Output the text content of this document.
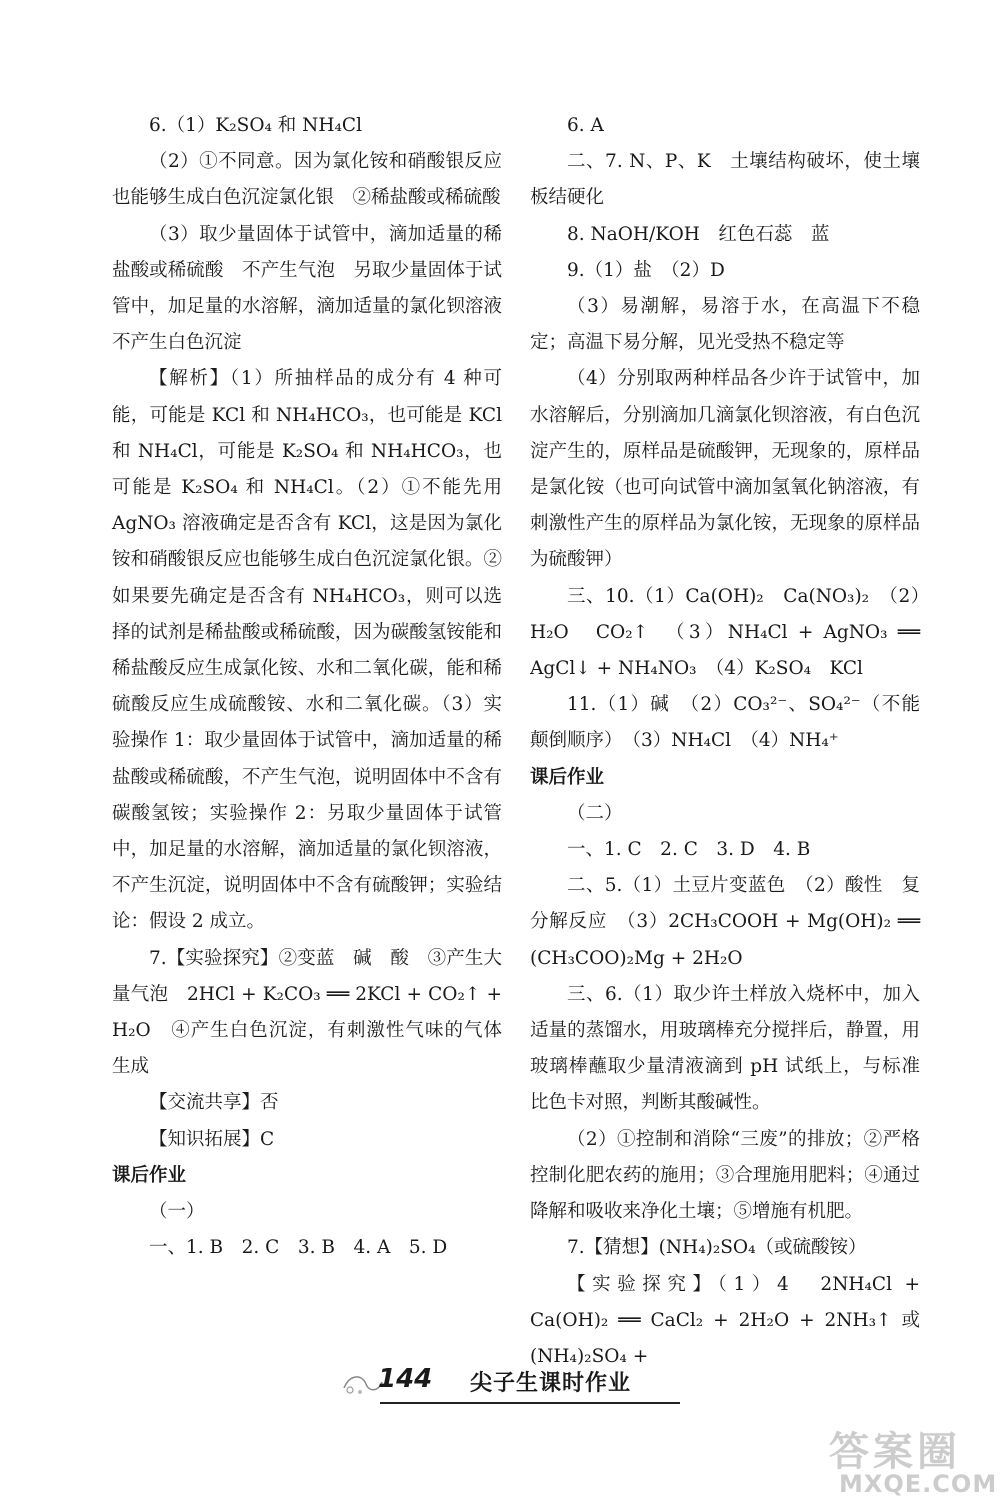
6.（1）K₂SO₄ 和 NH₄Cl

（2）①不同意。因为氯化铵和硝酸银反应也能够生成白色沉淀氯化银　②稀盐酸或稀硫酸

（3）取少量固体于试管中，滴加适量的稀盐酸或稀硫酸　不产生气泡　另取少量固体于试管中，加足量的水溶解，滴加适量的氯化钡溶液　不产生白色沉淀

【解析】（1）所抽样品的成分有 4 种可能，可能是 KCl 和 NH₄HCO₃，也可能是 KCl 和 NH₄Cl，可能是 K₂SO₄ 和 NH₄HCO₃，也可能是 K₂SO₄ 和 NH₄Cl。（2）①不能先用 AgNO₃ 溶液确定是否含有 KCl，这是因为氯化铵和硝酸银反应也能够生成白色沉淀氯化银。②如果要先确定是否含有 NH₄HCO₃，则可以选择的试剂是稀盐酸或稀硫酸，因为碳酸氢铵能和稀盐酸反应生成氯化铵、水和二氧化碳，能和稀硫酸反应生成硫酸铵、水和二氧化碳。（3）实验操作 1：取少量固体于试管中，滴加适量的稀盐酸或稀硫酸，不产生气泡，说明固体中不含有碳酸氢铵；实验操作 2：另取少量固体于试管中，加足量的水溶解，滴加适量的氯化钡溶液，不产生沉淀，说明固体中不含有硫酸钾；实验结论：假设 2 成立。

7.【实验探究】②变蓝　碱　酸　③产生大量气泡　2HCl + K₂CO₃ ══ 2KCl + CO₂↑ + H₂O　④产生白色沉淀，有刺激性气味的气体生成

【交流共享】否

【知识拓展】C

课后作业

（一）

一、1. B　2. C　3. B　4. A　5. D

6. A

二、7. N、P、K　土壤结构破坏，使土壤板结硬化

8. NaOH/KOH　红色石蕊　蓝

9.（1）盐　（2）D

（3）易潮解，易溶于水，在高温下不稳定；高温下易分解，见光受热不稳定等

（4）分别取两种样品各少许于试管中，加水溶解后，分别滴加几滴氯化钡溶液，有白色沉淀产生的，原样品是硫酸钾，无现象的，原样品是氯化铵（也可向试管中滴加氢氧化钠溶液，有刺激性产生的原样品为氯化铵，无现象的原样品为硫酸钾）

三、10.（1）Ca(OH)₂　Ca(NO₃)₂　（2）H₂O　CO₂↑　（3）NH₄Cl + AgNO₃ ══ AgCl↓ + NH₄NO₃　（4）K₂SO₄　KCl

11.（1）碱　（2）CO₃²⁻、SO₄²⁻（不能颠倒顺序）　（3）NH₄Cl　（4）NH₄⁺

课后作业

（二）

一、1. C　2. C　3. D　4. B

二、5.（1）土豆片变蓝色　（2）酸性　复分解反应　（3）2CH₃COOH + Mg(OH)₂ ══ (CH₃COO)₂Mg + 2H₂O

三、6.（1）取少许土样放入烧杯中，加入适量的蒸馏水，用玻璃棒充分搅拌后，静置，用玻璃棒蘸取少量清液滴到 pH 试纸上，与标准比色卡对照，判断其酸碱性。

（2）①控制和消除“三废”的排放；②严格控制化肥农药的施用；③合理施用肥料；④通过降解和吸收来净化土壤；⑤增施有机肥。

7.【猜想】(NH₄)₂SO₄（或硫酸铵）

【实验探究】（1）4　2NH₄Cl + Ca(OH)₂ ══ CaCl₂ + 2H₂O + 2NH₃↑ 或 (NH₄)₂SO₄ +

144 尖子生课时作业
答案圈
MXQE.COM
